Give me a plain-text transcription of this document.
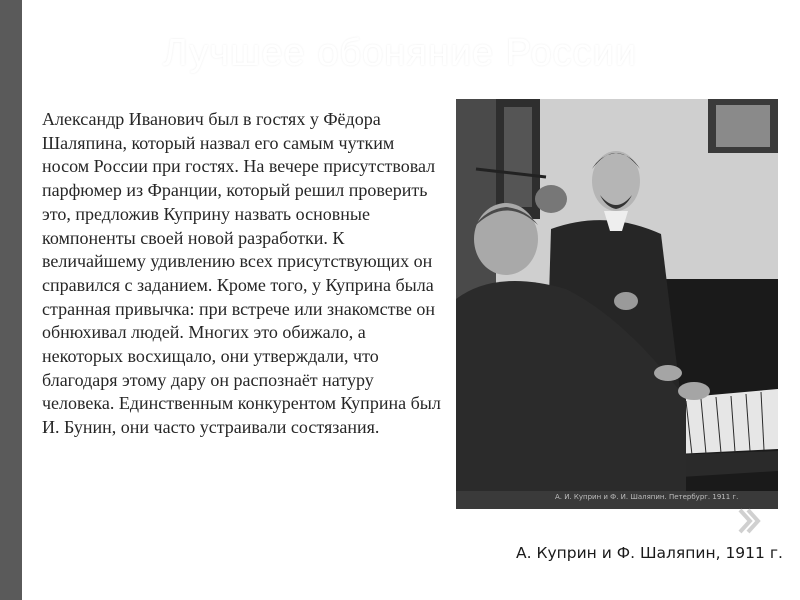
Лучшее обоняние России

Александр Иванович был в гостях у Фёдора Шаляпина, который назвал его самым чутким носом России при гостях. На вечере присутствовал парфюмер из Франции, который решил проверить это, предложив Куприну назвать основные компоненты своей новой разработки. К величайшему удивлению всех присутствующих он справился с заданием. Кроме того, у Куприна была странная привычка: при встрече или знакомстве он обнюхивал людей. Многих это обижало, а некоторых восхищало, они утверждали, что благодаря этому дару он распознаёт натуру человека. Единственным конкурентом Куприна был И. Бунин, они часто устраивали состязания.

А. И. Куприн и Ф. И. Шаляпин. Петербург. 1911 г.
А. Куприн и Ф. Шаляпин, 1911 г.
